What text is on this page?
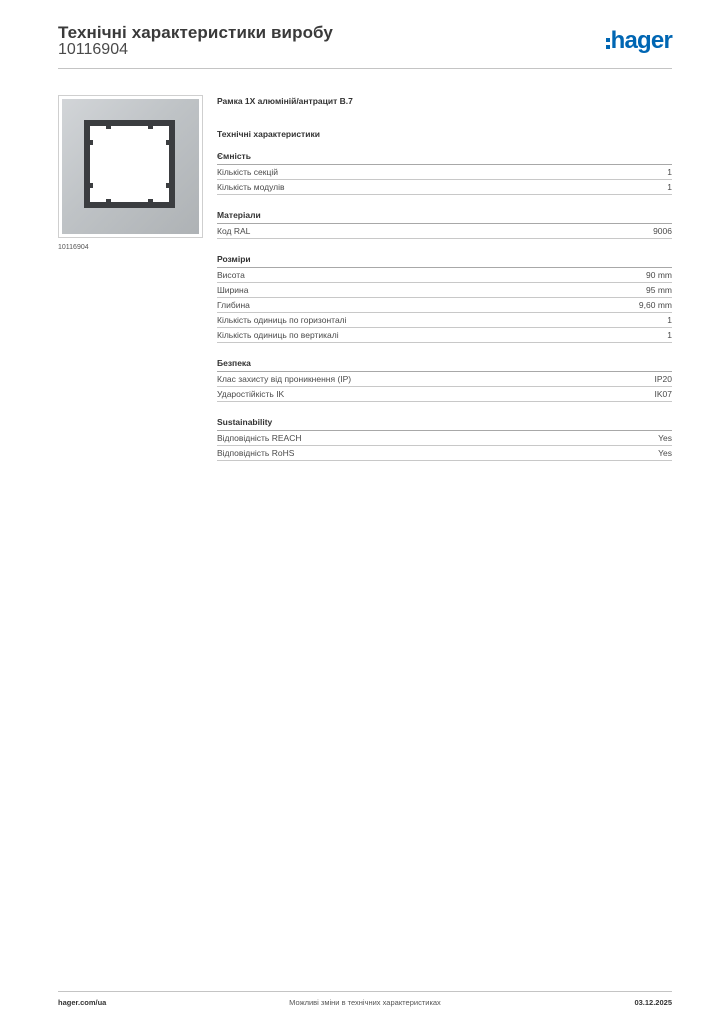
Технічні характеристики виробу
10116904	hager
10116904
Рамка 1X алюміній/антрацит B.7
Технічні характеристики
Ємність
Кількість секцій	1
Кількість модулів	1
Матеріали
Код RAL	9006
Розміри
Висота	90 mm
Ширина	95 mm
Глибина	9,60 mm
Кількість одиниць по горизонталі	1
Кількість одиниць по вертикалі	1
Безпека
Клас захисту від проникнення (IP)	IP20
Ударостійкість IK	IK07
Sustainability
Відповідність REACH	Yes
Відповідність RoHS	Yes
hager.com/ua	Можливі зміни в технічних характеристиках	03.12.2025
